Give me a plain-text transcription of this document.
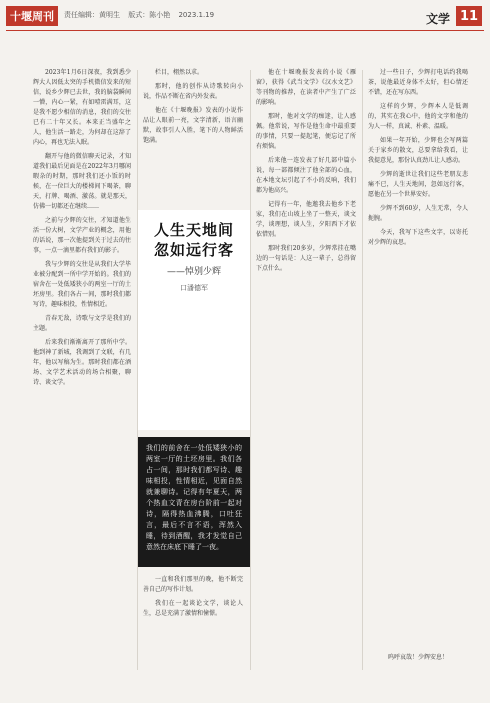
十堰周刊	责任编辑：黄明生 版式：陈小艳 2023.1.19	文学 11

2023年1月6日深夜，我到悉少辉大人因低太突的手机微信发来的短信，说乡少辉已去世，我的脑袋瞬间一懵，内心一紧，有如噎雷满耳，这是我不愿少相信的消息，我们的交往已有二十年又长。本来正当盛年之人，他生活一路走，为何却在这辞了内心，再也无法入眠。

翻开与他的微信聊天记录，才知道我们最后见面是在2022年3月哪闲暇杂的时期，那时我们还小饭的时候，在一位巨大的楼梯间下喝茶，聊天，打牌、喝酒、激荡。就是那天，仿佛一切都还在继续……

之前与少辉的交往，才知道他生活一份大树，文学产业的概念，用他的话说，那一次他提到关于过去的往事，一点一滴里都有我们的影子。

我与少辉的交往是从我们大学毕业被分配到一所中学开始的。我们的宿舍在一处低矮狭小的两室一厅的土坯房里。我们各占一间，那时我们都写诗，趣味相投，性情相近。

青春无敌，诗歌与文学是我们的主题。

后来我们渐渐离开了那所中学。他到神了新城，我调到了文联，有几年，他以写稿为生。那时我们都在酒场、文学艺术活动的场合相聚，聊诗、谈文学。

栏目，栩然以求。

那时，他的创作从诗歌转向小说，作品不断在省内外发表。

他在《十堰晚报》发表的小说作品让人眼前一亮，文字清新，语言幽默，故事引人入胜，笔下的人物鲜活饱满。

人生天地间

忽如远行客

——悼别少辉
口潘德军
我们的前舍在一处低矮狭小的两室一厅的土坯房里。我们各占一间，那时我们都写诗、趣味相投，性情相近，见面自然就兼聊诗。记得有年夏天，两个热血文青在房台阶前一起对诗，隔得热血沸腾，口吐狂言，最后不言不语，浑然入睡，待到酒醒，我才发觉自己意然在床底下睡了一夜。

一直和我们那里的晚，他不断完善自己的写作计划。

我们在一起谈论文学，谈论人生，总是充满了激情和憧憬。

他在十堰晚报发表的小说《雁窗》，获得《武当文学》《汉水文艺》等刊物的推荐，在读者中产生了广泛的影响。

那时，他对文学的痴迷，让人感佩。他常说，写作是他生命中最重要的事情，只要一提起笔，便忘记了所有烦恼。

后来他一连发表了好几部中篇小说，每一部都倾注了他全部的心血，在本地文坛引起了不小的反响，我们都为他高兴。

记得有一年，他邀我去他乡下老家，我们在山坡上坐了一整天，谈文学，谈理想，谈人生，夕阳西下才依依惜别。

那时我们20多岁，少辉常挂在嘴边的一句话是：人这一辈子，总得留下点什么。

过一些日子，少辉打电话约我喝茶，说他最近身体不太好，但心情还不错，还在写东西。

这样的少辉，少辉本人是低调的，其实在我心中，他的文字和他的为人一样，真诚、朴素、温暖。

如果一年开始，少辉也会写两篇关于家乡的散文，总要拿给我看，让我提意见，那份认真劲儿让人感动。

少辉的逝世让我们这些老朋友悲痛不已，人生天地间，忽如远行客，愿他在另一个世界安好。

少辉不到60岁，人生无常，令人扼腕。

今天，我写下这些文字，以寄托对少辉的哀思。

呜呼哀哉！少辉安息！
